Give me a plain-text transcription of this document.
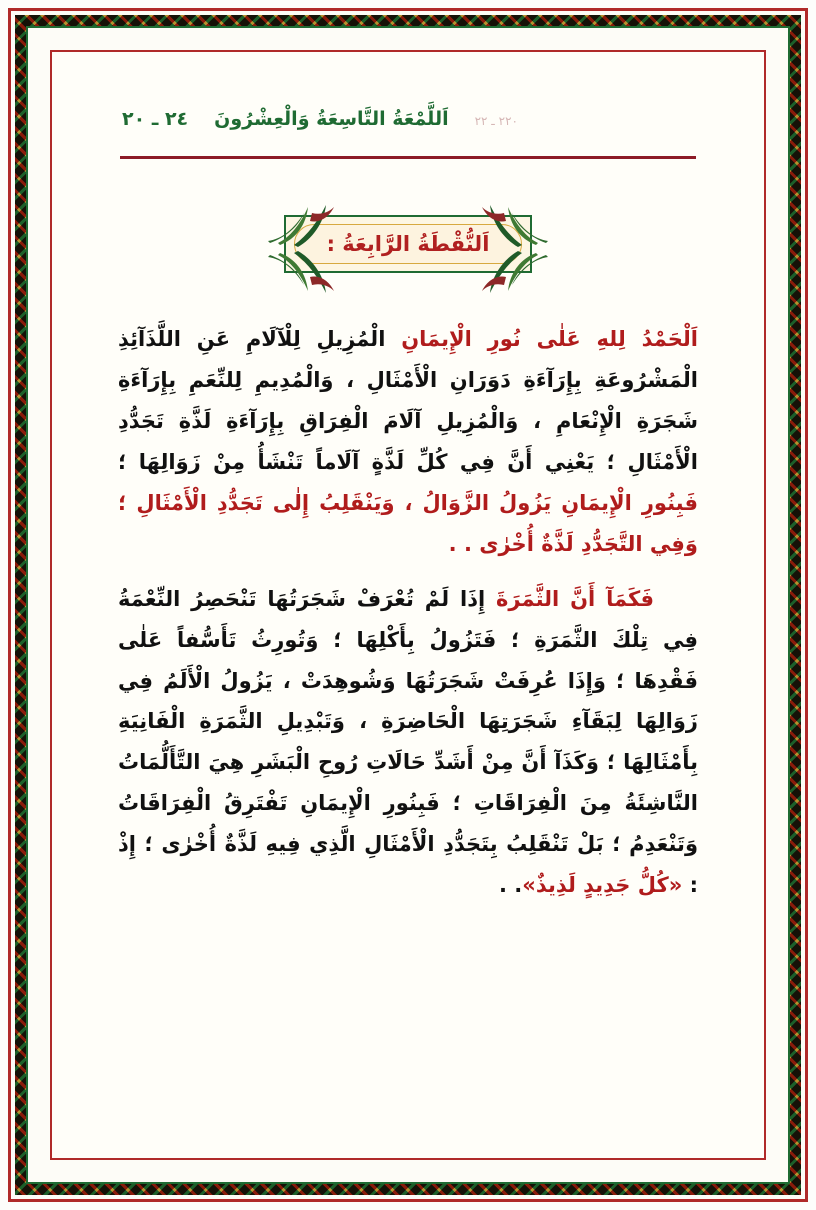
٢٤ ـ ٢٠ اَللَّمْعَةُ التَّاسِعَةُ وَالْعِشْرُونَ ٢٢٠ ـ ٢٢
اَلنُّقْطَةُ الرَّابِعَةُ :

اَلْحَمْدُ لِلهِ عَلٰى نُورِ الْإِيمَانِ الْمُزِيلِ لِلْآلَامِ عَنِ اللَّذَآئِذِ الْمَشْرُوعَةِ بِإِرَآءَةِ دَوَرَانِ الْأَمْثَالِ ، وَالْمُدِيمِ لِلنِّعَمِ بِإِرَآءَةِ شَجَرَةِ الْإِنْعَامِ ، وَالْمُزِيلِ آلَامَ الْفِرَاقِ بِإِرَآءَةِ لَذَّةِ تَجَدُّدِ الْأَمْثَالِ ؛ يَعْنِي أَنَّ فِي كُلِّ لَذَّةٍ آلَاماً تَنْشَأُ مِنْ زَوَالِهَا ؛ فَبِنُورِ الْإِيمَانِ يَزُولُ الزَّوَالُ ، وَيَنْقَلِبُ إِلٰى تَجَدُّدِ الْأَمْثَالِ ؛ وَفِي التَّجَدُّدِ لَذَّةٌ أُخْرٰى . .

فَكَمَآ أَنَّ الثَّمَرَةَ إِذَا لَمْ تُعْرَفْ شَجَرَتُهَا تَنْحَصِرُ النِّعْمَةُ فِي تِلْكَ الثَّمَرَةِ ؛ فَتَزُولُ بِأَكْلِهَا ؛ وَتُورِثُ تَأَسُّفاً عَلٰى فَقْدِهَا ؛ وَإِذَا عُرِفَتْ شَجَرَتُهَا وَشُوهِدَتْ ، يَزُولُ الْأَلَمُ فِي زَوَالِهَا لِبَقَآءِ شَجَرَتِهَا الْحَاضِرَةِ ، وَتَبْدِيلِ الثَّمَرَةِ الْفَانِيَةِ بِأَمْثَالِهَا ؛ وَكَذَآ أَنَّ مِنْ أَشَدِّ حَالَاتِ رُوحِ الْبَشَرِ هِيَ التَّأَلُّمَاتُ النَّاشِئَةُ مِنَ الْفِرَاقَاتِ ؛ فَبِنُورِ الْإِيمَانِ تَفْتَرِقُ الْفِرَاقَاتُ وَتَنْعَدِمُ ؛ بَلْ تَنْقَلِبُ بِتَجَدُّدِ الْأَمْثَالِ الَّذِي فِيهِ لَذَّةٌ أُخْرٰى ؛ إِذْ : «كُلُّ جَدِيدٍ لَذِيذٌ». .
